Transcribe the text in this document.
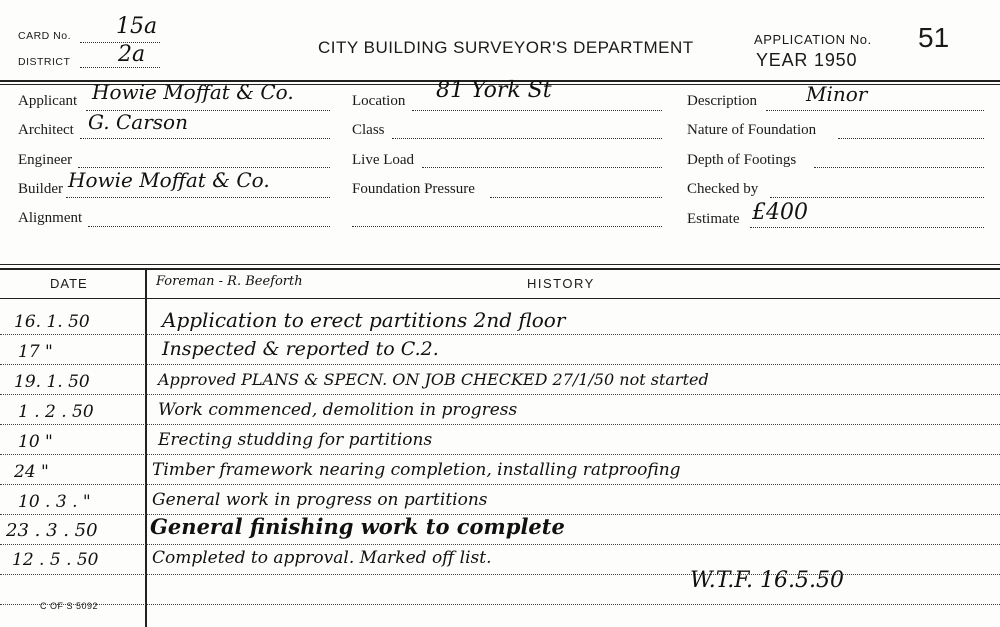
CARD No. 15a
DISTRICT 2a	CITY BUILDING SURVEYOR'S DEPARTMENT	APPLICATION No. 51
YEAR 1950
Applicant Howie Moffat & Co.
Architect G. Carson
Engineer
Builder Howie Moffat & Co.
Alignment
Location 81 York St
Class
Live Load
Foundation Pressure
Description Minor
Nature of Foundation
Depth of Footings
Checked by
Estimate £400
DATE	HISTORY
Foreman - R. Beeforth
16. 1. 50	Application to erect partitions 2nd floor
17 "	Inspected & reported to C.2.
19. 1. 50	Approved PLANS & SPECN. ON JOB CHECKED 27/1/50 not started
1 . 2 . 50	Work commenced, demolition in progress
10 "	Erecting studding for partitions
24 "	Timber framework nearing completion, installing ratproofing
10 . 3 . "	General work in progress on partitions
23 . 3 . 50 General finishing work to complete
12 . 5 . 50	Completed to approval. Marked off list.
W.T.F. 16.5.50
C OF S 5092
